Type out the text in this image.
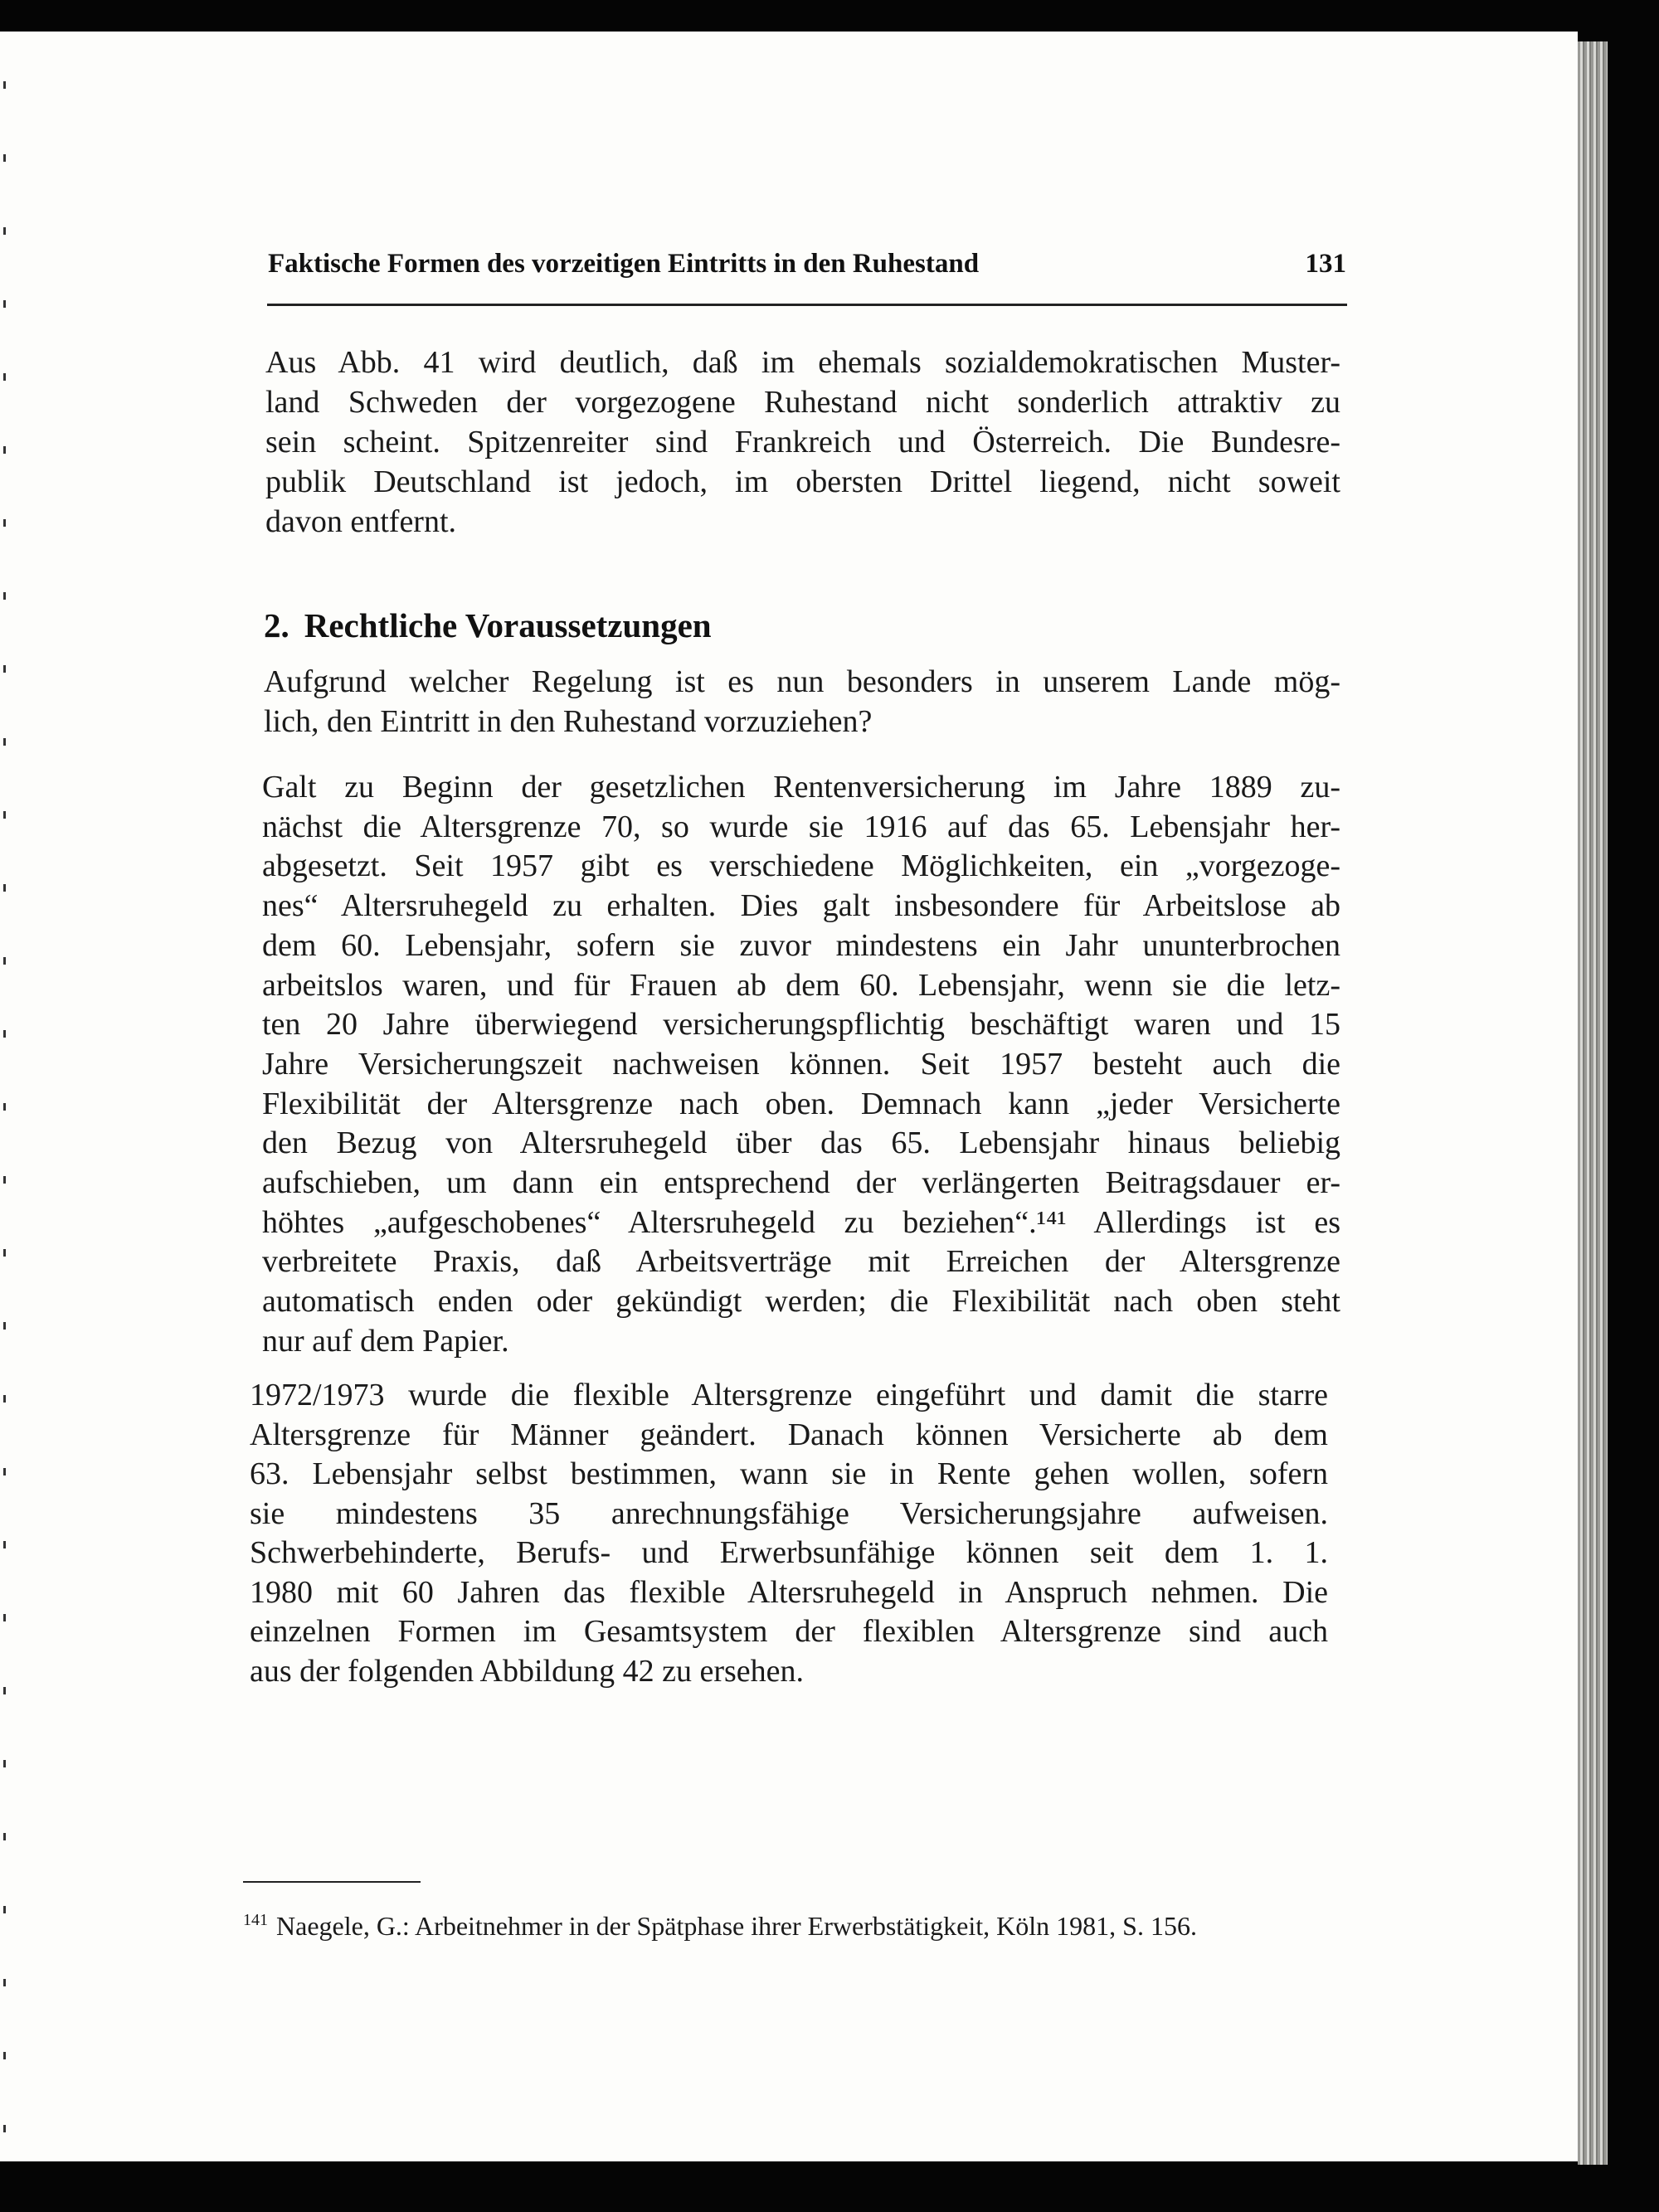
Faktische Formen des vorzeitigen Eintritts in den Ruhestand	131
2. Rechtliche Voraussetzungen
Aus Abb. 41 wird deutlich, daß im ehemals sozialdemokratischen Muster-
land Schweden der vorgezogene Ruhestand nicht sonderlich attraktiv zu
sein scheint. Spitzenreiter sind Frankreich und Österreich. Die Bundesre-
publik Deutschland ist jedoch, im obersten Drittel liegend, nicht soweit
davon entfernt.
Aufgrund welcher Regelung ist es nun besonders in unserem Lande mög-
lich, den Eintritt in den Ruhestand vorzuziehen?
Galt zu Beginn der gesetzlichen Rentenversicherung im Jahre 1889 zu-
nächst die Altersgrenze 70, so wurde sie 1916 auf das 65. Lebensjahr her-
abgesetzt. Seit 1957 gibt es verschiedene Möglichkeiten, ein „vorgezoge-
nes“ Altersruhegeld zu erhalten. Dies galt insbesondere für Arbeitslose ab
dem 60. Lebensjahr, sofern sie zuvor mindestens ein Jahr ununterbrochen
arbeitslos waren, und für Frauen ab dem 60. Lebensjahr, wenn sie die letz-
ten 20 Jahre überwiegend versicherungspflichtig beschäftigt waren und 15
Jahre Versicherungszeit nachweisen können. Seit 1957 besteht auch die
Flexibilität der Altersgrenze nach oben. Demnach kann „jeder Versicherte
den Bezug von Altersruhegeld über das 65. Lebensjahr hinaus beliebig
aufschieben, um dann ein entsprechend der verlängerten Beitragsdauer er-
höhtes „aufgeschobenes“ Altersruhegeld zu beziehen“.¹⁴¹ Allerdings ist es
verbreitete Praxis, daß Arbeitsverträge mit Erreichen der Altersgrenze
automatisch enden oder gekündigt werden; die Flexibilität nach oben steht
nur auf dem Papier.
1972/1973 wurde die flexible Altersgrenze eingeführt und damit die starre
Altersgrenze für Männer geändert. Danach können Versicherte ab dem
63. Lebensjahr selbst bestimmen, wann sie in Rente gehen wollen, sofern
sie mindestens 35 anrechnungsfähige Versicherungsjahre aufweisen.
Schwerbehinderte, Berufs- und Erwerbsunfähige können seit dem 1. 1.
1980 mit 60 Jahren das flexible Altersruhegeld in Anspruch nehmen. Die
einzelnen Formen im Gesamtsystem der flexiblen Altersgrenze sind auch
aus der folgenden Abbildung 42 zu ersehen.
$^{141}$ Naegele, G.: Arbeitnehmer in der Spätphase ihrer Erwerbstätigkeit, Köln 1981, S. 156.
